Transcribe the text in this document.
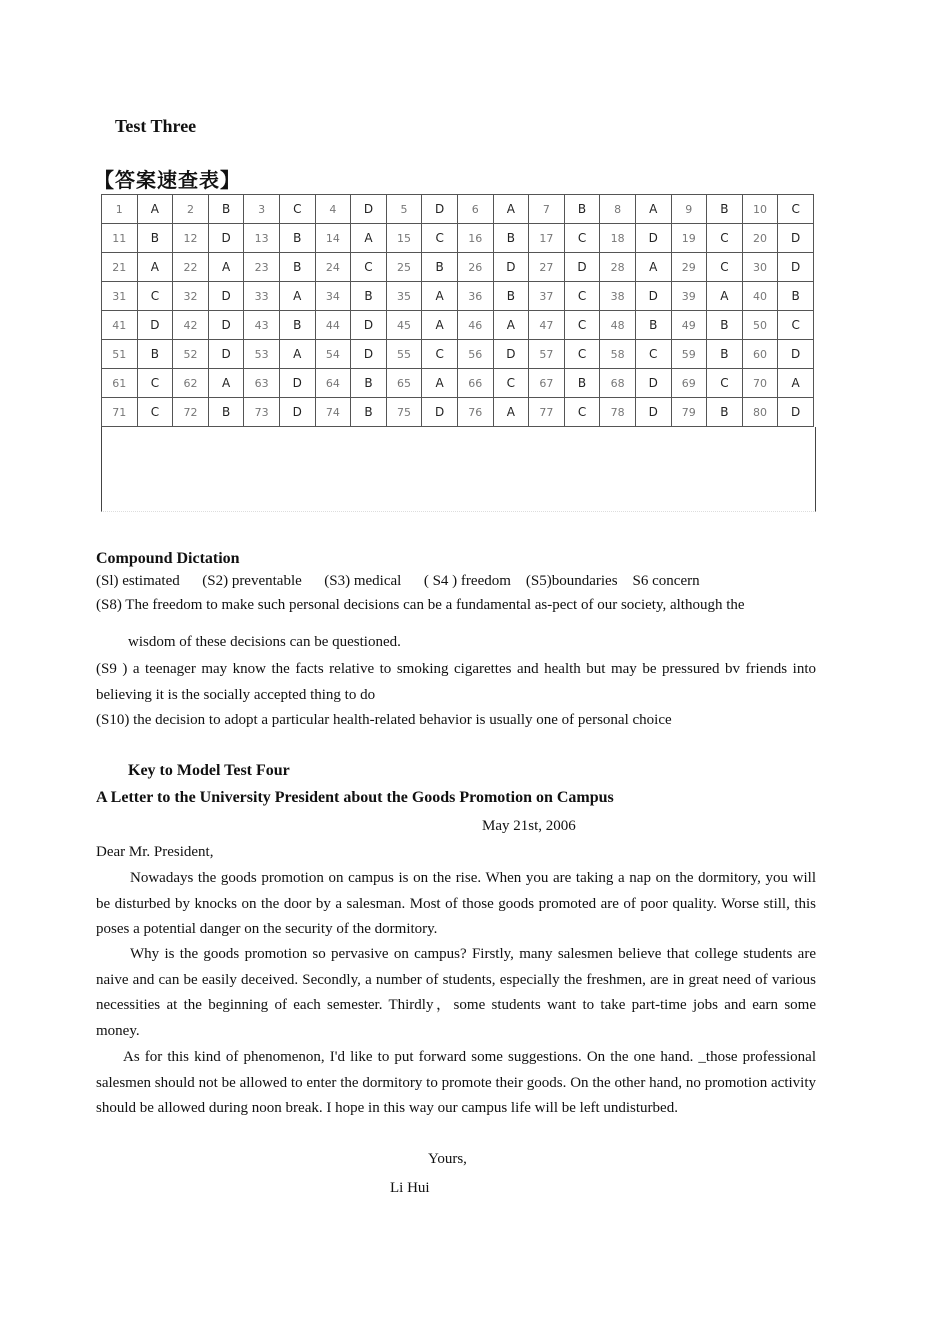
Test Three
【答案速查表】
1	A	2	B	3	C	4	D	5	D	6	A	7	B	8	A	9	B	10	C
11	B	12	D	13	B	14	A	15	C	16	B	17	C	18	D	19	C	20	D
21	A	22	A	23	B	24	C	25	B	26	D	27	D	28	A	29	C	30	D
31	C	32	D	33	A	34	B	35	A	36	B	37	C	38	D	39	A	40	B
41	D	42	D	43	B	44	D	45	A	46	A	47	C	48	B	49	B	50	C
51	B	52	D	53	A	54	D	55	C	56	D	57	C	58	C	59	B	60	D
61	C	62	A	63	D	64	B	65	A	66	C	67	B	68	D	69	C	70	A
71	C	72	B	73	D	74	B	75	D	76	A	77	C	78	D	79	B	80	D
Compound Dictation
(Sl) estimated      (S2) preventable      (S3) medical      ( S4 ) freedom    (S5)boundaries    S6 concern
(S8) The freedom to make such personal decisions can be a fundamental as-pect of our society, although the
wisdom of these decisions can be questioned.
(S9 ) a teenager may know the facts relative to smoking cigarettes and health but may be pressured bv friends into believing it is the socially accepted thing to do
(S10) the decision to adopt a particular health-related behavior is usually one of personal choice
Key to Model Test Four
A Letter to the University President about the Goods Promotion on Campus
May 21st, 2006
Dear Mr. President,
Nowadays the goods promotion on campus is on the rise. When you are taking a nap on the dormitory, you will be disturbed by knocks on the door by a salesman. Most of those goods promoted are of poor quality. Worse still, this poses a potential danger on the security of the dormitory.
Why is the goods promotion so pervasive on campus? Firstly, many salesmen believe that college students are naive and can be easily deceived. Secondly, a number of students, especially the freshmen, are in great need of various necessities at the beginning of each semester. Thirdly，some students want to take part-time jobs and earn some money.
As for this kind of phenomenon, I'd like to put forward some suggestions. On the one hand. _those professional salesmen should not be allowed to enter the dormitory to promote their goods. On the other hand, no promotion activity should be allowed during noon break. I hope in this way our campus life will be left undisturbed.
Yours,
Li Hui
